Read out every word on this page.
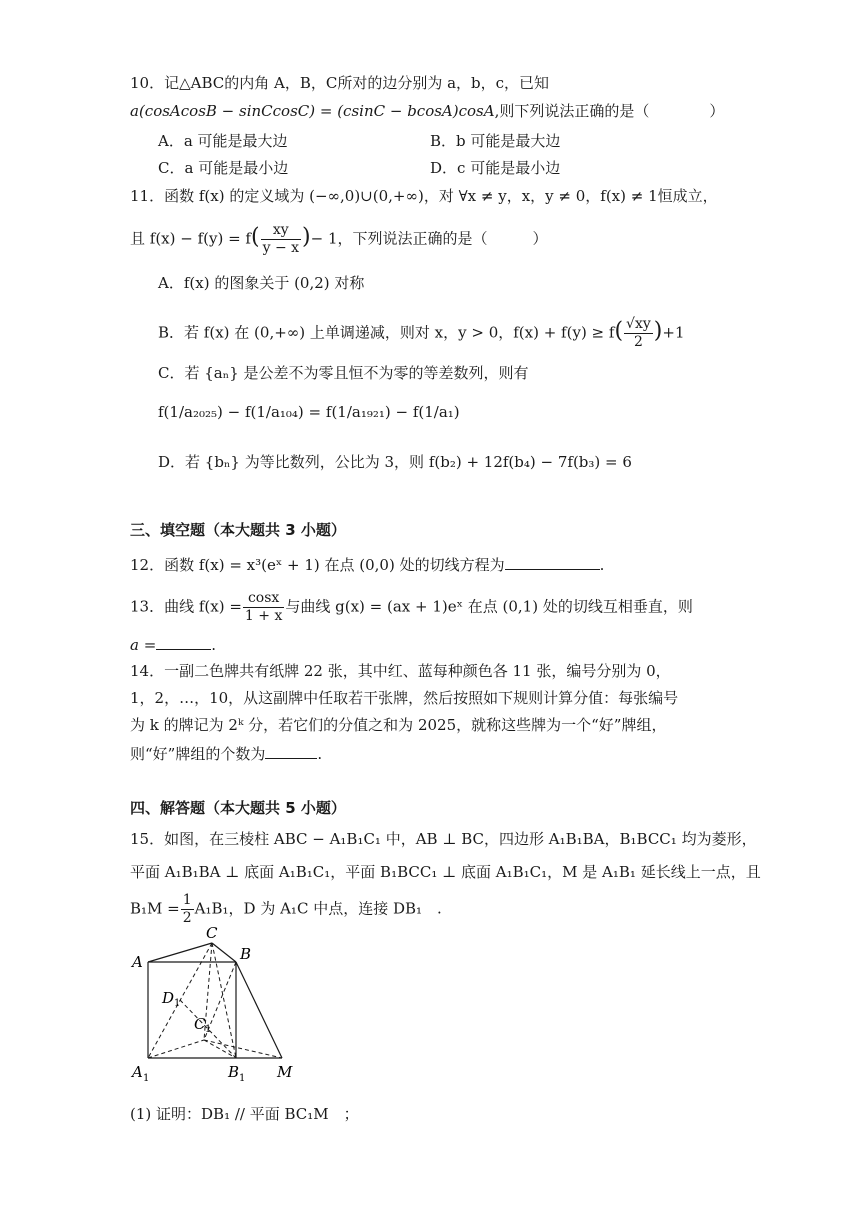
10．记△ABC的内角 A，B，C所对的边分别为 a，b，c，已知
a(cosAcosB − sinCcosC) = (csinC − bcosA)cosA,则下列说法正确的是（　　　　）
A．a 可能是最大边	B．b 可能是最大边
C．a 可能是最小边	D．c 可能是最小边
11．函数 f(x) 的定义域为 (−∞,0)∪(0,+∞)，对 ∀x ≠ y，x，y ≠ 0，f(x) ≠ 1恒成立，
且 $f(x) - f(y) = f( \frac{xy}{y - x}$ )− 1，下列说法正确的是（　　　）
A．f(x) 的图象关于 (0,2) 对称
B．若 f(x) 在 (0,+∞) 上单调递减，则对 x，y > 0，$f(x) + f(y) \ge f( \frac{√xy}{2} )+1$
C．若 {aₙ} 是公差不为零且恒不为零的等差数列，则有
f(1/a₂₀₂₅) − f(1/a₁₀₄) = f(1/a₁₉₂₁) − f(1/a₁)
D．若 {bₙ} 为等比数列，公比为 3，则 f(b₂) + 12f(b₄) − 7f(b₃) = 6
三、填空题（本大题共 3 小题）
12．函数 f(x) = x³(eˣ + 1) 在点 (0,0) 处的切线方程为	.
13．曲线 $f(x) = \frac{\cos x}{1 + x}$ 与曲线 g(x) = (ax + 1)eˣ 在点 (0,1) 处的切线互相垂直，则
a =	.
14．一副二色牌共有纸牌 22 张，其中红、蓝每种颜色各 11 张，编号分别为 0，
1，2，…，10，从这副牌中任取若干张牌，然后按照如下规则计算分值：每张编号
为 k 的牌记为 2ᵏ 分，若它们的分值之和为 2025，就称这些牌为一个“好”牌组，
则“好”牌组的个数为	.
四、解答题（本大题共 5 小题）
15．如图，在三棱柱 ABC − A₁B₁C₁ 中，AB ⊥ BC，四边形 A₁B₁BA，B₁BCC₁ 均为菱形，
平面 A₁B₁BA ⊥ 底面 A₁B₁C₁，平面 B₁BCC₁ ⊥ 底面 A₁B₁C₁，M 是 A₁B₁ 延长线上一点，且
$B_1M = \frac{1}{2} A_1B_1$，D 为 A₁C 中点，连接 DB₁　.
C
A	B
D 1
C 1
A 1	B 1 M
(1) 证明：DB₁ // 平面 BC₁M　；
